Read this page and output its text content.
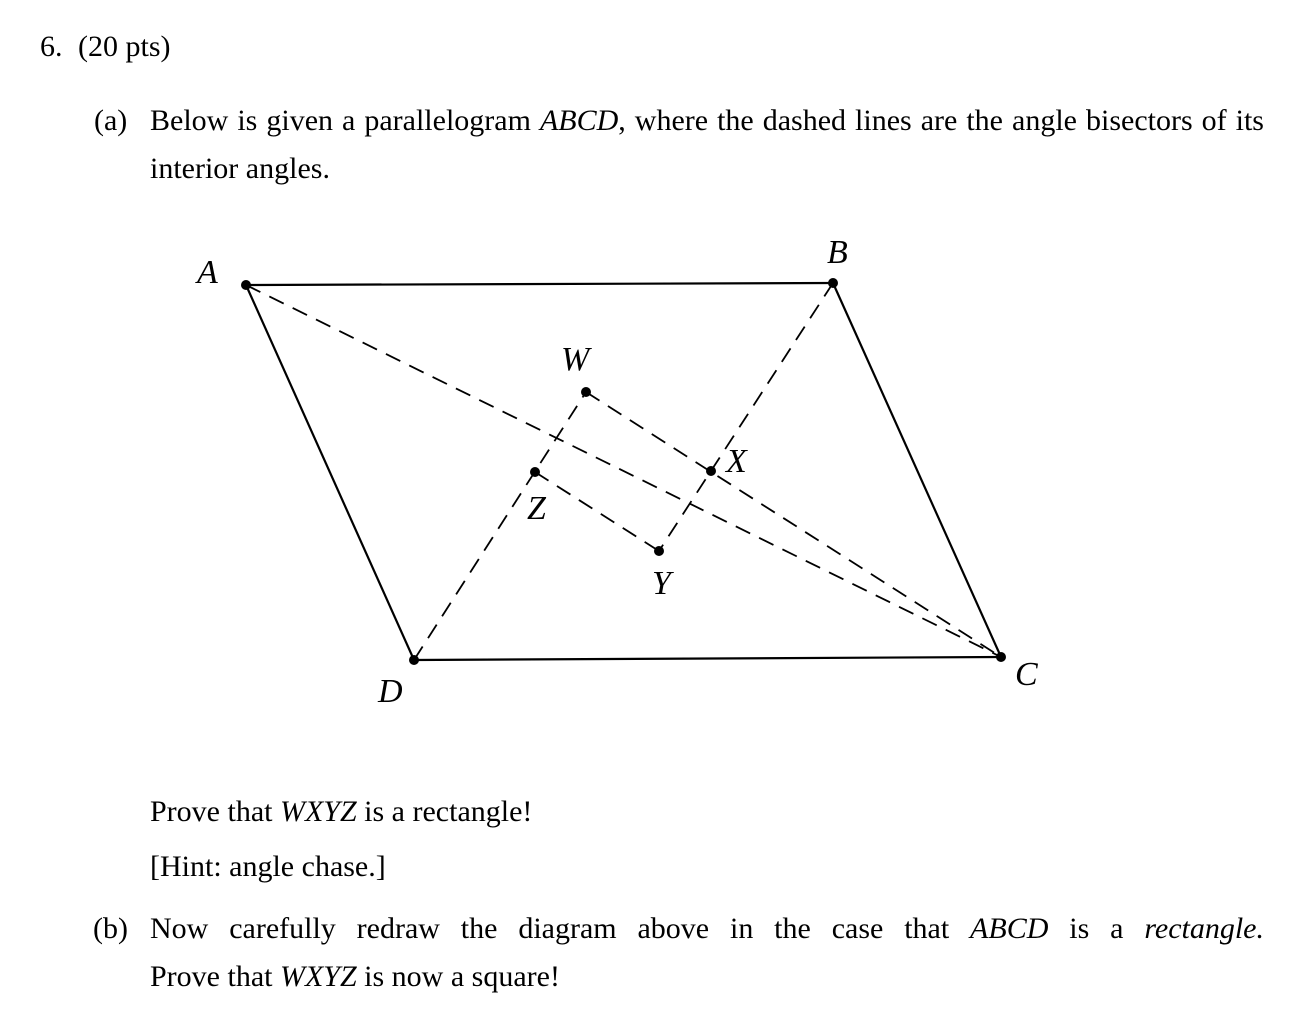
6. (20 pts)
(a) Below is given a parallelogram ABCD, where the dashed lines are the angle bisectors of its interior angles.
A
B
C
D
W
X
Y
Z
Prove that WXYZ is a rectangle!
[Hint: angle chase.]
(b) Now carefully redraw the diagram above in the case that ABCD is a rectangle.
Prove that WXYZ is now a square!
